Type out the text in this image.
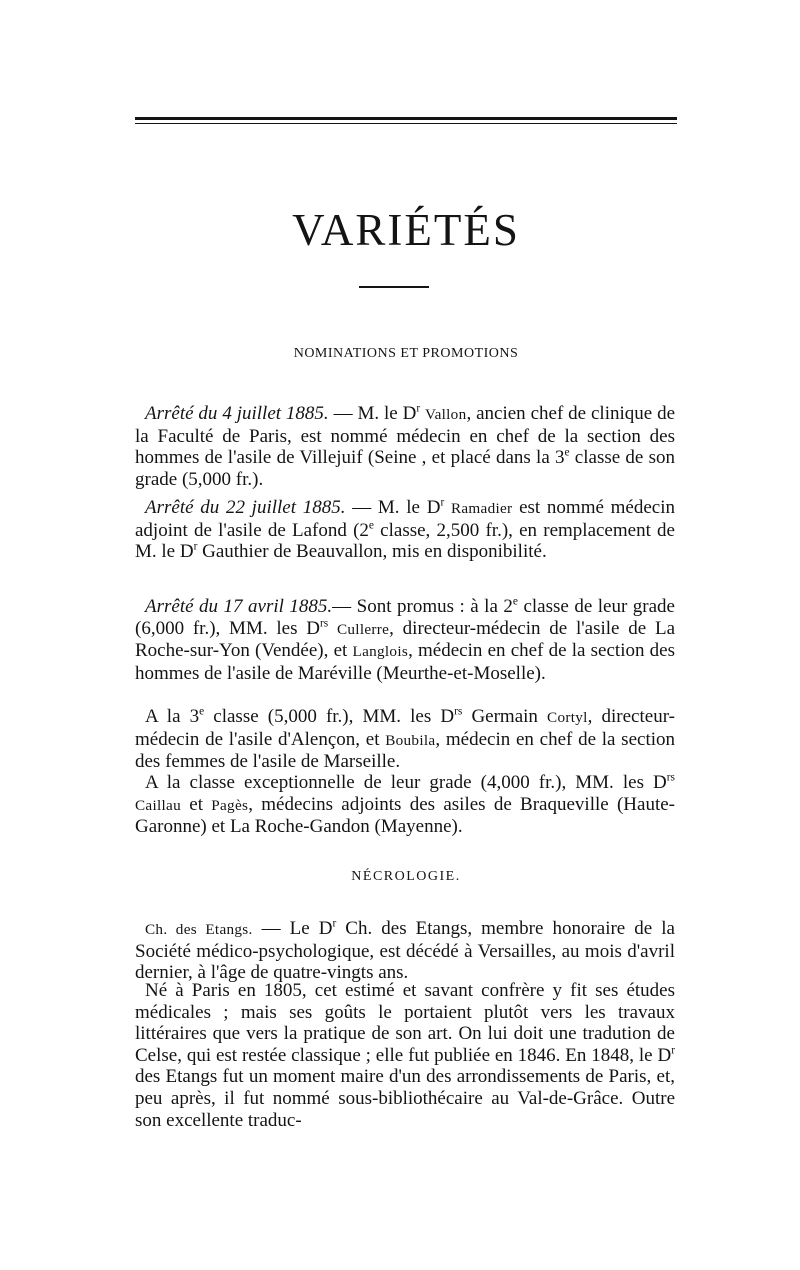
VARIÉTÉS
NOMINATIONS ET PROMOTIONS

Arrêté du 4 juillet 1885. — M. le $D^r$ Vallon, ancien chef de clinique de la Faculté de Paris, est nommé médecin en chef de la section des hommes de l'asile de Villejuif (Seine , et placé dans la 3e classe de son grade (5,000 fr.).

Arrêté du 22 juillet 1885. — M. le $D^r$ Ramadier est nommé médecin adjoint de l'asile de Lafond (2e classe, 2,500 fr.), en remplacement de M. le $D^r$ Gauthier de Beauvallon, mis en disponibilité.

Arrêté du 17 avril 1885.— Sont promus : à la 2e classe de leur grade (6,000 fr.), MM. les $D^{rs}$ Cullerre, directeur-médecin de l'asile de La Roche-sur-Yon (Vendée), et Langlois, médecin en chef de la section des hommes de l'asile de Maréville (Meurthe-et-Moselle).

A la 3e classe (5,000 fr.), MM. les $D^{rs}$ Germain Cortyl, directeur-médecin de l'asile d'Alençon, et Boubila, médecin en chef de la section des femmes de l'asile de Marseille.

A la classe exceptionnelle de leur grade (4,000 fr.), MM. les $D^{rs}$ Caillau et Pagès, médecins adjoints des asiles de Braqueville (Haute-Garonne) et La Roche-Gandon (Mayenne).

NÉCROLOGIE.

Ch. des Etangs. — Le $D^r$ Ch. des Etangs, membre honoraire de la Société médico-psychologique, est décédé à Versailles, au mois d'avril dernier, à l'âge de quatre-vingts ans.

Né à Paris en 1805, cet estimé et savant confrère y fit ses études médicales ; mais ses goûts le portaient plutôt vers les travaux littéraires que vers la pratique de son art. On lui doit une tradution de Celse, qui est restée classique ; elle fut publiée en 1846. En 1848, le $D^r$ des Etangs fut un moment maire d'un des arrondissements de Paris, et, peu après, il fut nommé sous-bibliothécaire au Val-de-Grâce. Outre son excellente traduc-
